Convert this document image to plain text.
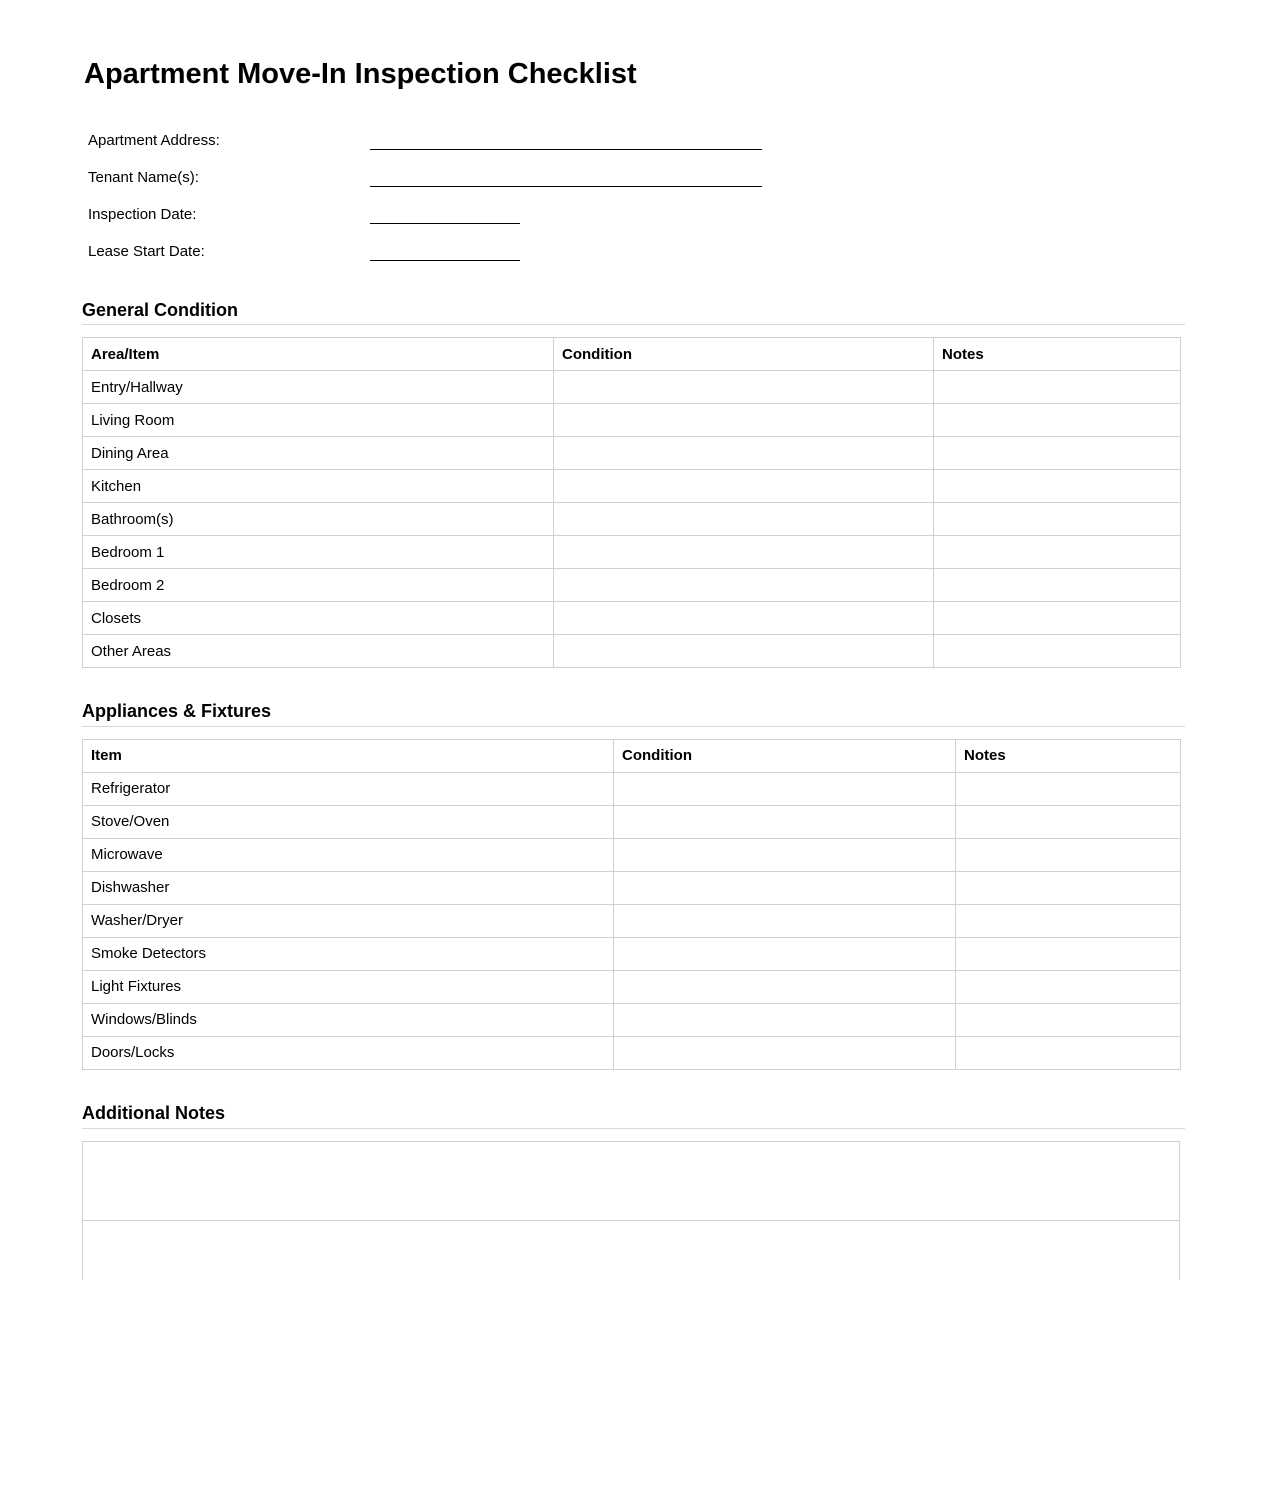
Apartment Move-In Inspection Checklist
Apartment Address:
Tenant Name(s):
Inspection Date:
Lease Start Date:
General Condition
Area/Item	Condition	Notes
Entry/Hallway		
Living Room		
Dining Area		
Kitchen		
Bathroom(s)		
Bedroom 1		
Bedroom 2		
Closets		
Other Areas		
Appliances & Fixtures
Item	Condition	Notes
Refrigerator		
Stove/Oven		
Microwave		
Dishwasher		
Washer/Dryer		
Smoke Detectors		
Light Fixtures		
Windows/Blinds		
Doors/Locks		
Additional Notes
